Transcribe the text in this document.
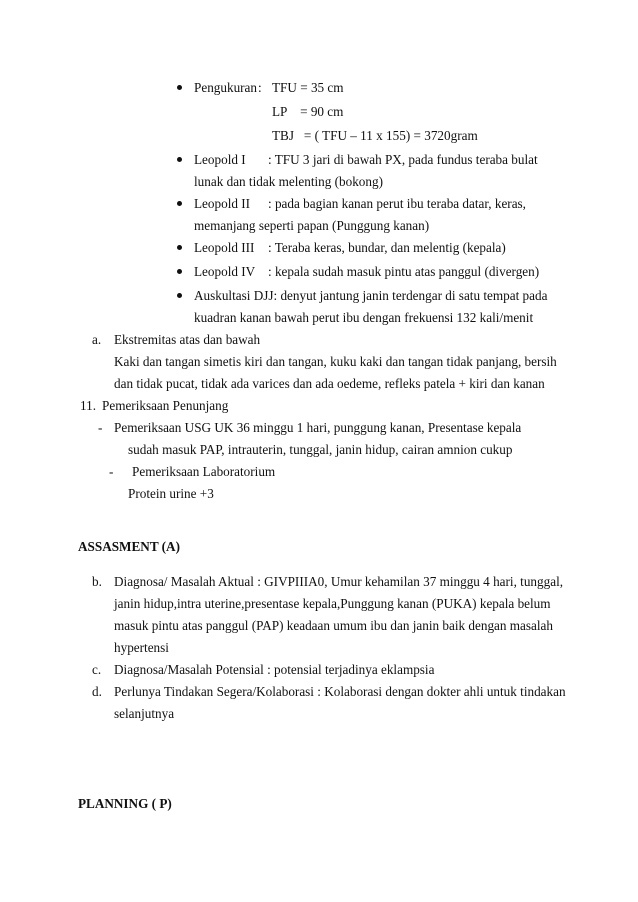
Pengukuran : TFU = 35 cm
LP    = 90 cm
TBJ   = ( TFU – 11 x 155) = 3720gram
Leopold I : TFU 3 jari di bawah PX, pada fundus teraba bulat
lunak dan tidak melenting (bokong)
Leopold II : pada bagian kanan perut ibu teraba datar, keras,
memanjang seperti papan (Punggung kanan)
Leopold III : Teraba keras, bundar, dan melentig (kepala)
Leopold IV : kepala sudah masuk pintu atas panggul (divergen)
Auskultasi DJJ: denyut jantung janin terdengar di satu tempat pada
kuadran kanan bawah perut ibu dengan frekuensi 132 kali/menit
a. Ekstremitas atas dan bawah
Kaki dan tangan simetis kiri dan tangan, kuku kaki dan tangan tidak panjang, bersih
dan tidak pucat, tidak ada varices dan ada oedeme, refleks patela + kiri dan kanan
11. Pemeriksaan Penunjang
- Pemeriksaan USG UK 36 minggu 1 hari, punggung kanan, Presentase kepala
sudah masuk PAP, intrauterin, tunggal, janin hidup, cairan amnion cukup
- Pemeriksaan Laboratorium
Protein urine +3
ASSASMENT (A)
b. Diagnosa/ Masalah Aktual : GIVPIIIA0, Umur kehamilan 37 minggu 4 hari, tunggal,
janin hidup,intra uterine,presentase kepala,Punggung kanan (PUKA) kepala belum
masuk pintu atas panggul (PAP) keadaan umum ibu dan janin baik dengan masalah
hypertensi
c. Diagnosa/Masalah Potensial : potensial terjadinya eklampsia
d. Perlunya Tindakan Segera/Kolaborasi : Kolaborasi dengan dokter ahli untuk tindakan
selanjutnya
PLANNING ( P)
